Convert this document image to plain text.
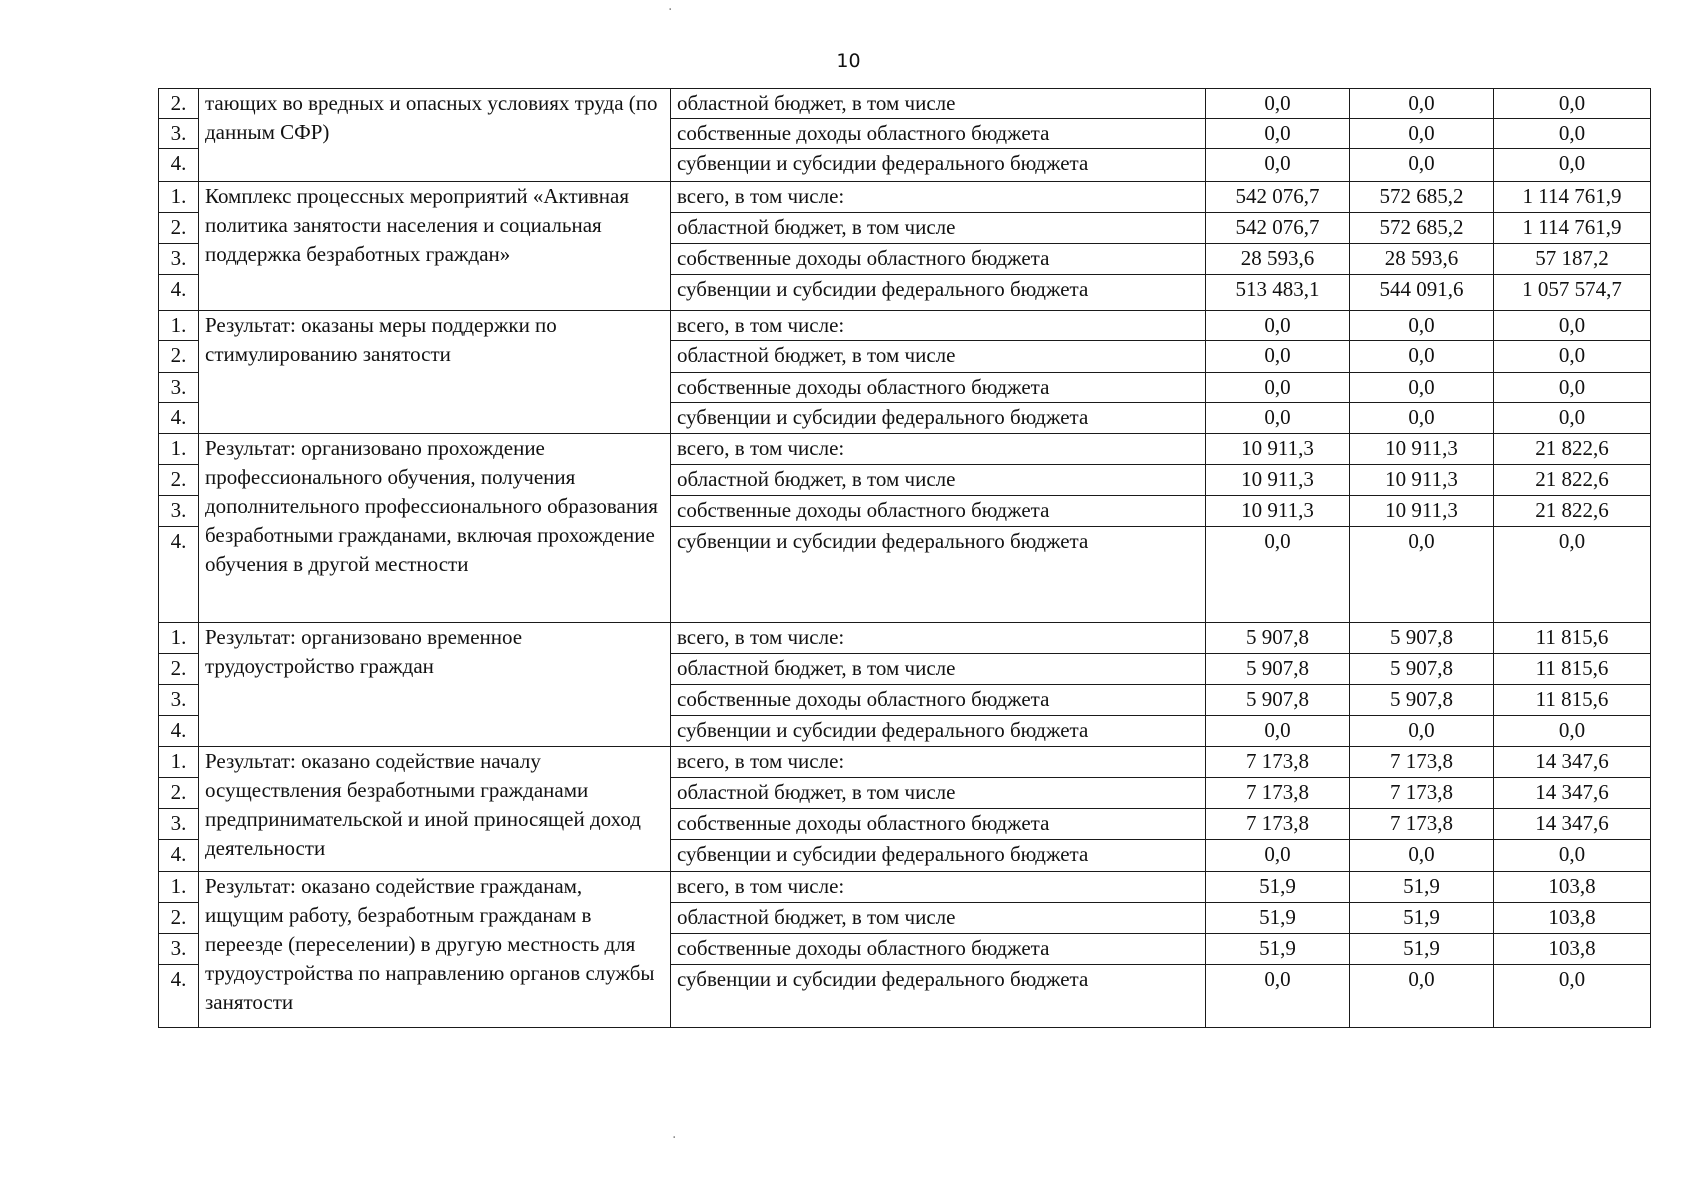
10
2.	тающих во вредных и опасных условиях труда (по данным СФР)	областной бюджет, в том числе	0,0	0,0	0,0
3.		собственные доходы областного бюджета	0,0	0,0	0,0
4.		субвенции и субсидии федерального бюджета	0,0	0,0	0,0
1.	Комплекс процессных мероприятий «Активная политика занятости населения и социальная поддержка безработных граждан»	всего, в том числе:	542 076,7	572 685,2	1 114 761,9
2.		областной бюджет, в том числе	542 076,7	572 685,2	1 114 761,9
3.		собственные доходы областного бюджета	28 593,6	28 593,6	57 187,2
4.		субвенции и субсидии федерального бюджета	513 483,1	544 091,6	1 057 574,7
1.	Результат: оказаны меры поддержки по стимулированию занятости	всего, в том числе:	0,0	0,0	0,0
2.		областной бюджет, в том числе	0,0	0,0	0,0
3.		собственные доходы областного бюджета	0,0	0,0	0,0
4.		субвенции и субсидии федерального бюджета	0,0	0,0	0,0
1.	Результат: организовано прохождение профессионального обучения, получения дополнительного профессионального образования безработными гражданами, включая прохождение обучения в другой местности	всего, в том числе:	10 911,3	10 911,3	21 822,6
2.		областной бюджет, в том числе	10 911,3	10 911,3	21 822,6
3.		собственные доходы областного бюджета	10 911,3	10 911,3	21 822,6
4.		субвенции и субсидии федерального бюджета	0,0	0,0	0,0
1.	Результат: организовано временное трудоустройство граждан	всего, в том числе:	5 907,8	5 907,8	11 815,6
2.		областной бюджет, в том числе	5 907,8	5 907,8	11 815,6
3.		собственные доходы областного бюджета	5 907,8	5 907,8	11 815,6
4.		субвенции и субсидии федерального бюджета	0,0	0,0	0,0
1.	Результат: оказано содействие началу осуществления безработными гражданами предпринимательской и иной приносящей доход деятельности	всего, в том числе:	7 173,8	7 173,8	14 347,6
2.		областной бюджет, в том числе	7 173,8	7 173,8	14 347,6
3.		собственные доходы областного бюджета	7 173,8	7 173,8	14 347,6
4.		субвенции и субсидии федерального бюджета	0,0	0,0	0,0
1.	Результат: оказано содействие гражданам, ищущим работу, безработным гражданам в переезде (переселении) в другую местность для трудоустройства по направлению органов службы занятости	всего, в том числе:	51,9	51,9	103,8
2.		областной бюджет, в том числе	51,9	51,9	103,8
3.		собственные доходы областного бюджета	51,9	51,9	103,8
4.		субвенции и субсидии федерального бюджета	0,0	0,0	0,0
·
·
